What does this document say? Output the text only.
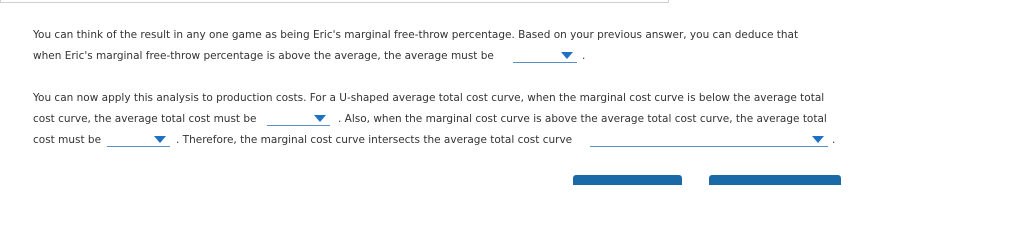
You can think of the result in any one game as being Eric's marginal free-throw percentage. Based on your previous answer, you can deduce that
when Eric's marginal free-throw percentage is above the average, the average must be	.
You can now apply this analysis to production costs. For a U-shaped average total cost curve, when the marginal cost curve is below the average total
cost curve, the average total cost must be	. Also, when the marginal cost curve is above the average total cost curve, the average total
cost must be	. Therefore, the marginal cost curve intersects the average total cost curve	.
